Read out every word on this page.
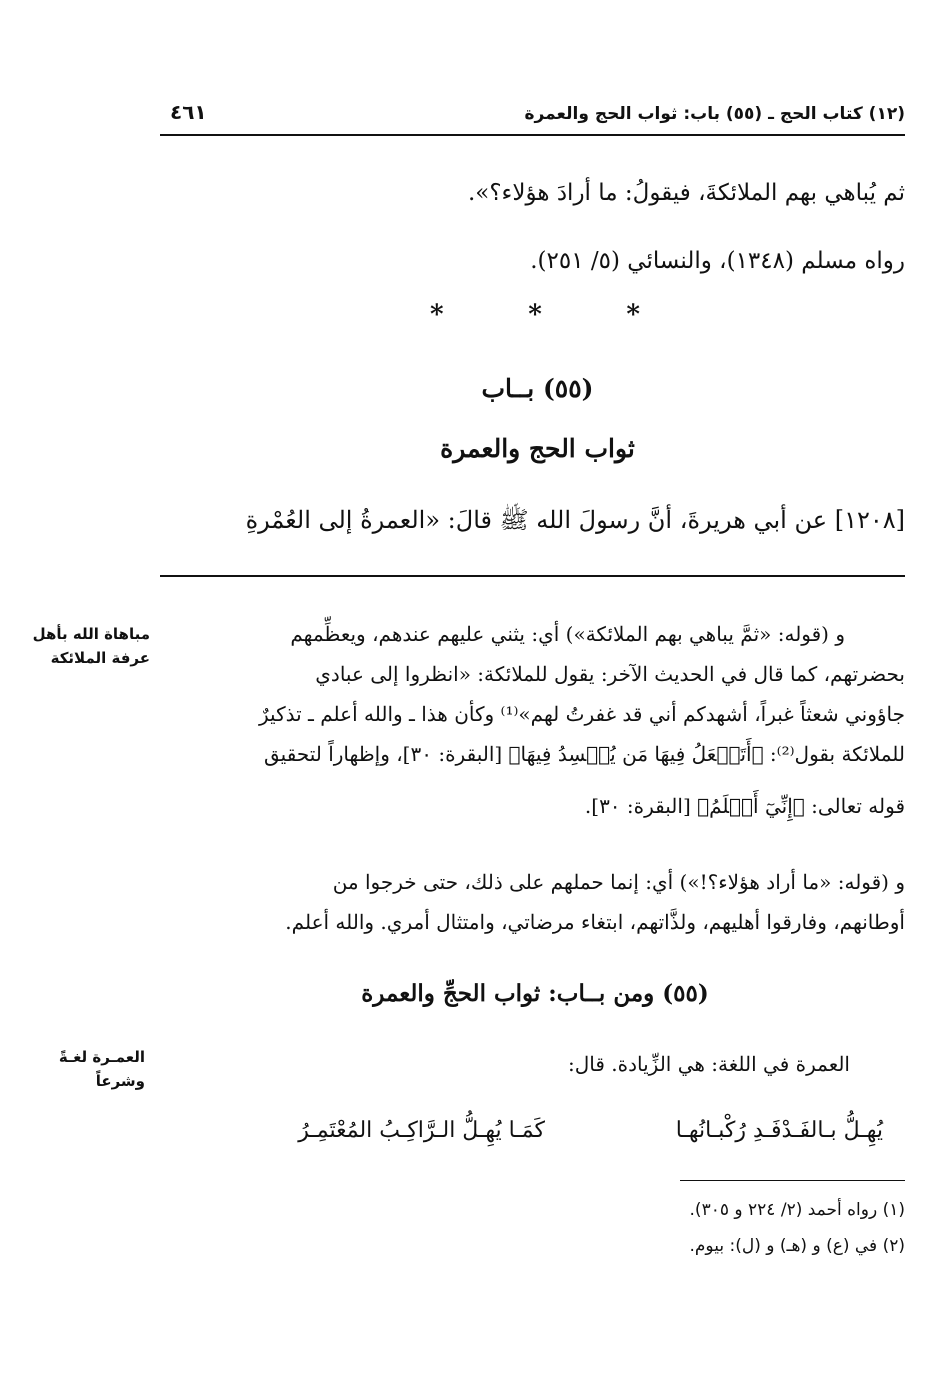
(١٢) كتاب الحج ـ (٥٥) باب: ثواب الحج والعمرة
٤٦١
ثم يُباهي بهم الملائكةَ، فيقولُ: ما أرادَ هؤلاء؟».
رواه مسلم (١٣٤٨)، والنسائي (٥/ ٢٥١).
*	*	*
(٥٥) بــاب
ثواب الحج والعمرة
[١٢٠٨] عن أبي هريرةَ، أنَّ رسولَ الله ﷺ قالَ: «العمرةُ إلى العُمْرةِ
و (قوله: «ثمَّ يباهي بهم الملائكة») أي: يثني عليهم عندهم، ويعظِّمهم
بحضرتهم، كما قال في الحديث الآخر: يقول للملائكة: «انظروا إلى عبادي
جاؤوني شعثاً غبراً، أشهدكم أني قد غفرتُ لهم»⁽¹⁾ وكأن هذا ـ والله أعلم ـ تذكيرٌ
للملائكة بقول⁽²⁾: ﴿أَتَجۡعَلُ فِيهَا مَن يُفۡسِدُ فِيهَا﴾ [البقرة: ٣٠]، وإظهاراً لتحقيق
قوله تعالى: ﴿إِنِّيٓ أَعۡلَمُ﴾ [البقرة: ٣٠].
مباهاة الله بأهل
عرفة الملائكة
و (قوله: «ما أراد هؤلاء؟!») أي: إنما حملهم على ذلك، حتى خرجوا من
أوطانهم، وفارقوا أهليهم، ولذَّاتهم، ابتغاء مرضاتي، وامتثال أمري. والله أعلم.
(٥٥) ومن بــاب: ثواب الحجِّ والعمرة
العمـرة لغـةً
وشرعاً
العمرة في اللغة: هي الزِّيادة. قال:
يُهِـلُّ بـالفَـدْفَـدِ رُكْبـانُهـا
كَمَـا يُهِـلُّ الـرَّاكِـبُ المُعْتَمِـرُ
(١) رواه أحمد (٢/ ٢٢٤ و ٣٠٥).
(٢) في (ع) و (هـ) و (ل): بيوم.
